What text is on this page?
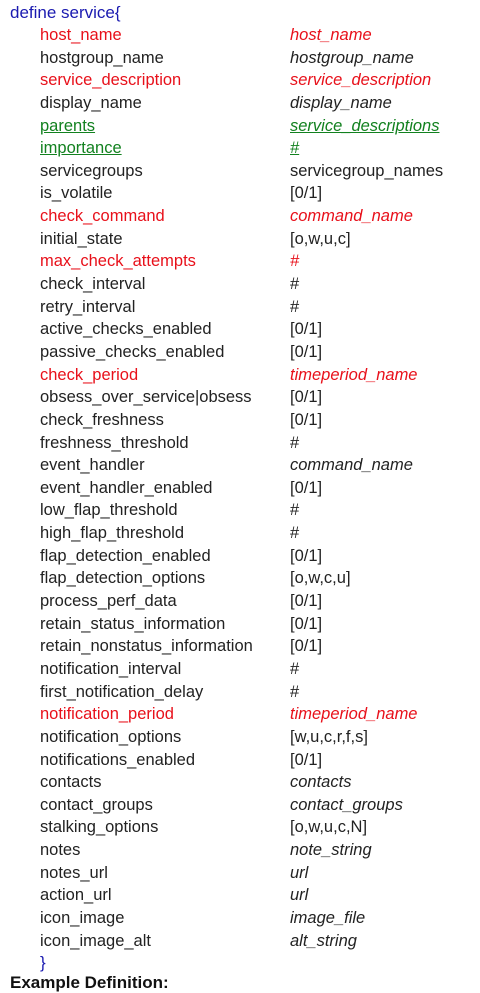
define service{
host_name	host_name
hostgroup_name	hostgroup_name
service_description	service_description
display_name	display_name
parents	service_descriptions
importance	#
servicegroups	servicegroup_names
is_volatile	[0/1]
check_command	command_name
initial_state	[o,w,u,c]
max_check_attempts	#
check_interval	#
retry_interval	#
active_checks_enabled	[0/1]
passive_checks_enabled	[0/1]
check_period	timeperiod_name
obsess_over_service|obsess [0/1]
check_freshness	[0/1]
freshness_threshold	#
event_handler	command_name
event_handler_enabled	[0/1]
low_flap_threshold	#
high_flap_threshold	#
flap_detection_enabled	[0/1]
flap_detection_options	[o,w,c,u]
process_perf_data	[0/1]
retain_status_information	[0/1]
retain_nonstatus_information [0/1]
notification_interval	#
first_notification_delay	#
notification_period	timeperiod_name
notification_options	[w,u,c,r,f,s]
notifications_enabled	[0/1]
contacts	contacts
contact_groups	contact_groups
stalking_options	[o,w,u,c,N]
notes	note_string
notes_url	url
action_url	url
icon_image	image_file
icon_image_alt	alt_string
}
Example Definition:
